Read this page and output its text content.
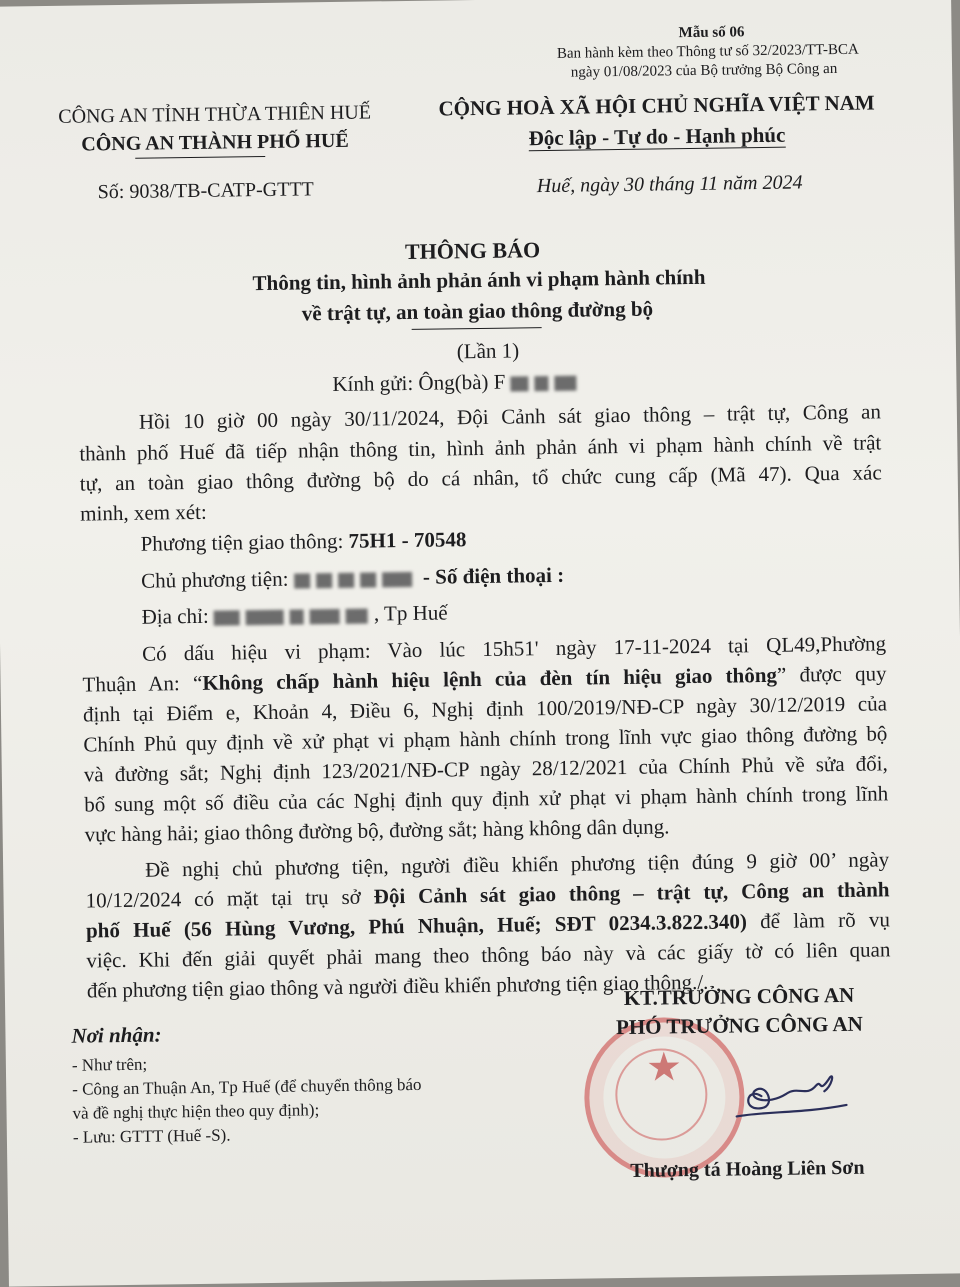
Mẫu số 06
Ban hành kèm theo Thông tư số 32/2023/TT-BCA
ngày 01/08/2023 của Bộ trưởng Bộ Công an
CÔNG AN TỈNH THỪA THIÊN HUẾ
CÔNG AN THÀNH PHỐ HUẾ
Số: 9038/TB-CATP-GTTT
CỘNG HOÀ XÃ HỘI CHỦ NGHĨA VIỆT NAM
Độc lập - Tự do - Hạnh phúc
Huế, ngày 30 tháng 11 năm 2024
THÔNG BÁO
Thông tin, hình ảnh phản ánh vi phạm hành chính
về trật tự, an toàn giao thông đường bộ
(Lần 1)
Kính gửi: Ông(bà) F
Hồi 10 giờ 00 ngày 30/11/2024, Đội Cảnh sát giao thông – trật tự, Công an
thành phố Huế đã tiếp nhận thông tin, hình ảnh phản ánh vi phạm hành chính về trật
tự, an toàn giao thông đường bộ do cá nhân, tổ chức cung cấp (Mã 47). Qua xác
minh, xem xét:
Phương tiện giao thông: 75H1 - 70548
Chủ phương tiện:	- Số điện thoại :
Địa chỉ:	, Tp Huế
Có dấu hiệu vi phạm: Vào lúc 15h51' ngày 17-11-2024 tại QL49,Phường
Thuận An: “Không chấp hành hiệu lệnh của đèn tín hiệu giao thông” được quy
định tại Điểm e, Khoản 4, Điều 6, Nghị định 100/2019/NĐ-CP ngày 30/12/2019 của
Chính Phủ quy định về xử phạt vi phạm hành chính trong lĩnh vực giao thông đường bộ
và đường sắt; Nghị định 123/2021/NĐ-CP ngày 28/12/2021 của Chính Phủ về sửa đổi,
bổ sung một số điều của các Nghị định quy định xử phạt vi phạm hành chính trong lĩnh
vực hàng hải; giao thông đường bộ, đường sắt; hàng không dân dụng.
Đề nghị chủ phương tiện, người điều khiển phương tiện đúng 9 giờ 00’ ngày
10/12/2024 có mặt tại trụ sở Đội Cảnh sát giao thông – trật tự, Công an thành
phố Huế (56 Hùng Vương, Phú Nhuận, Huế; SĐT 0234.3.822.340) để làm rõ vụ
việc. Khi đến giải quyết phải mang theo thông báo này và các giấy tờ có liên quan
đến phương tiện giao thông và người điều khiển phương tiện giao thông./.
Nơi nhận:
- Như trên;
- Công an Thuận An, Tp Huế (để chuyển thông báo
và đề nghị thực hiện theo quy định);
- Lưu: GTTT (Huế -S).
★
KT.TRƯỞNG CÔNG AN
PHÓ TRƯỞNG CÔNG AN
Thượng tá Hoàng Liên Sơn
